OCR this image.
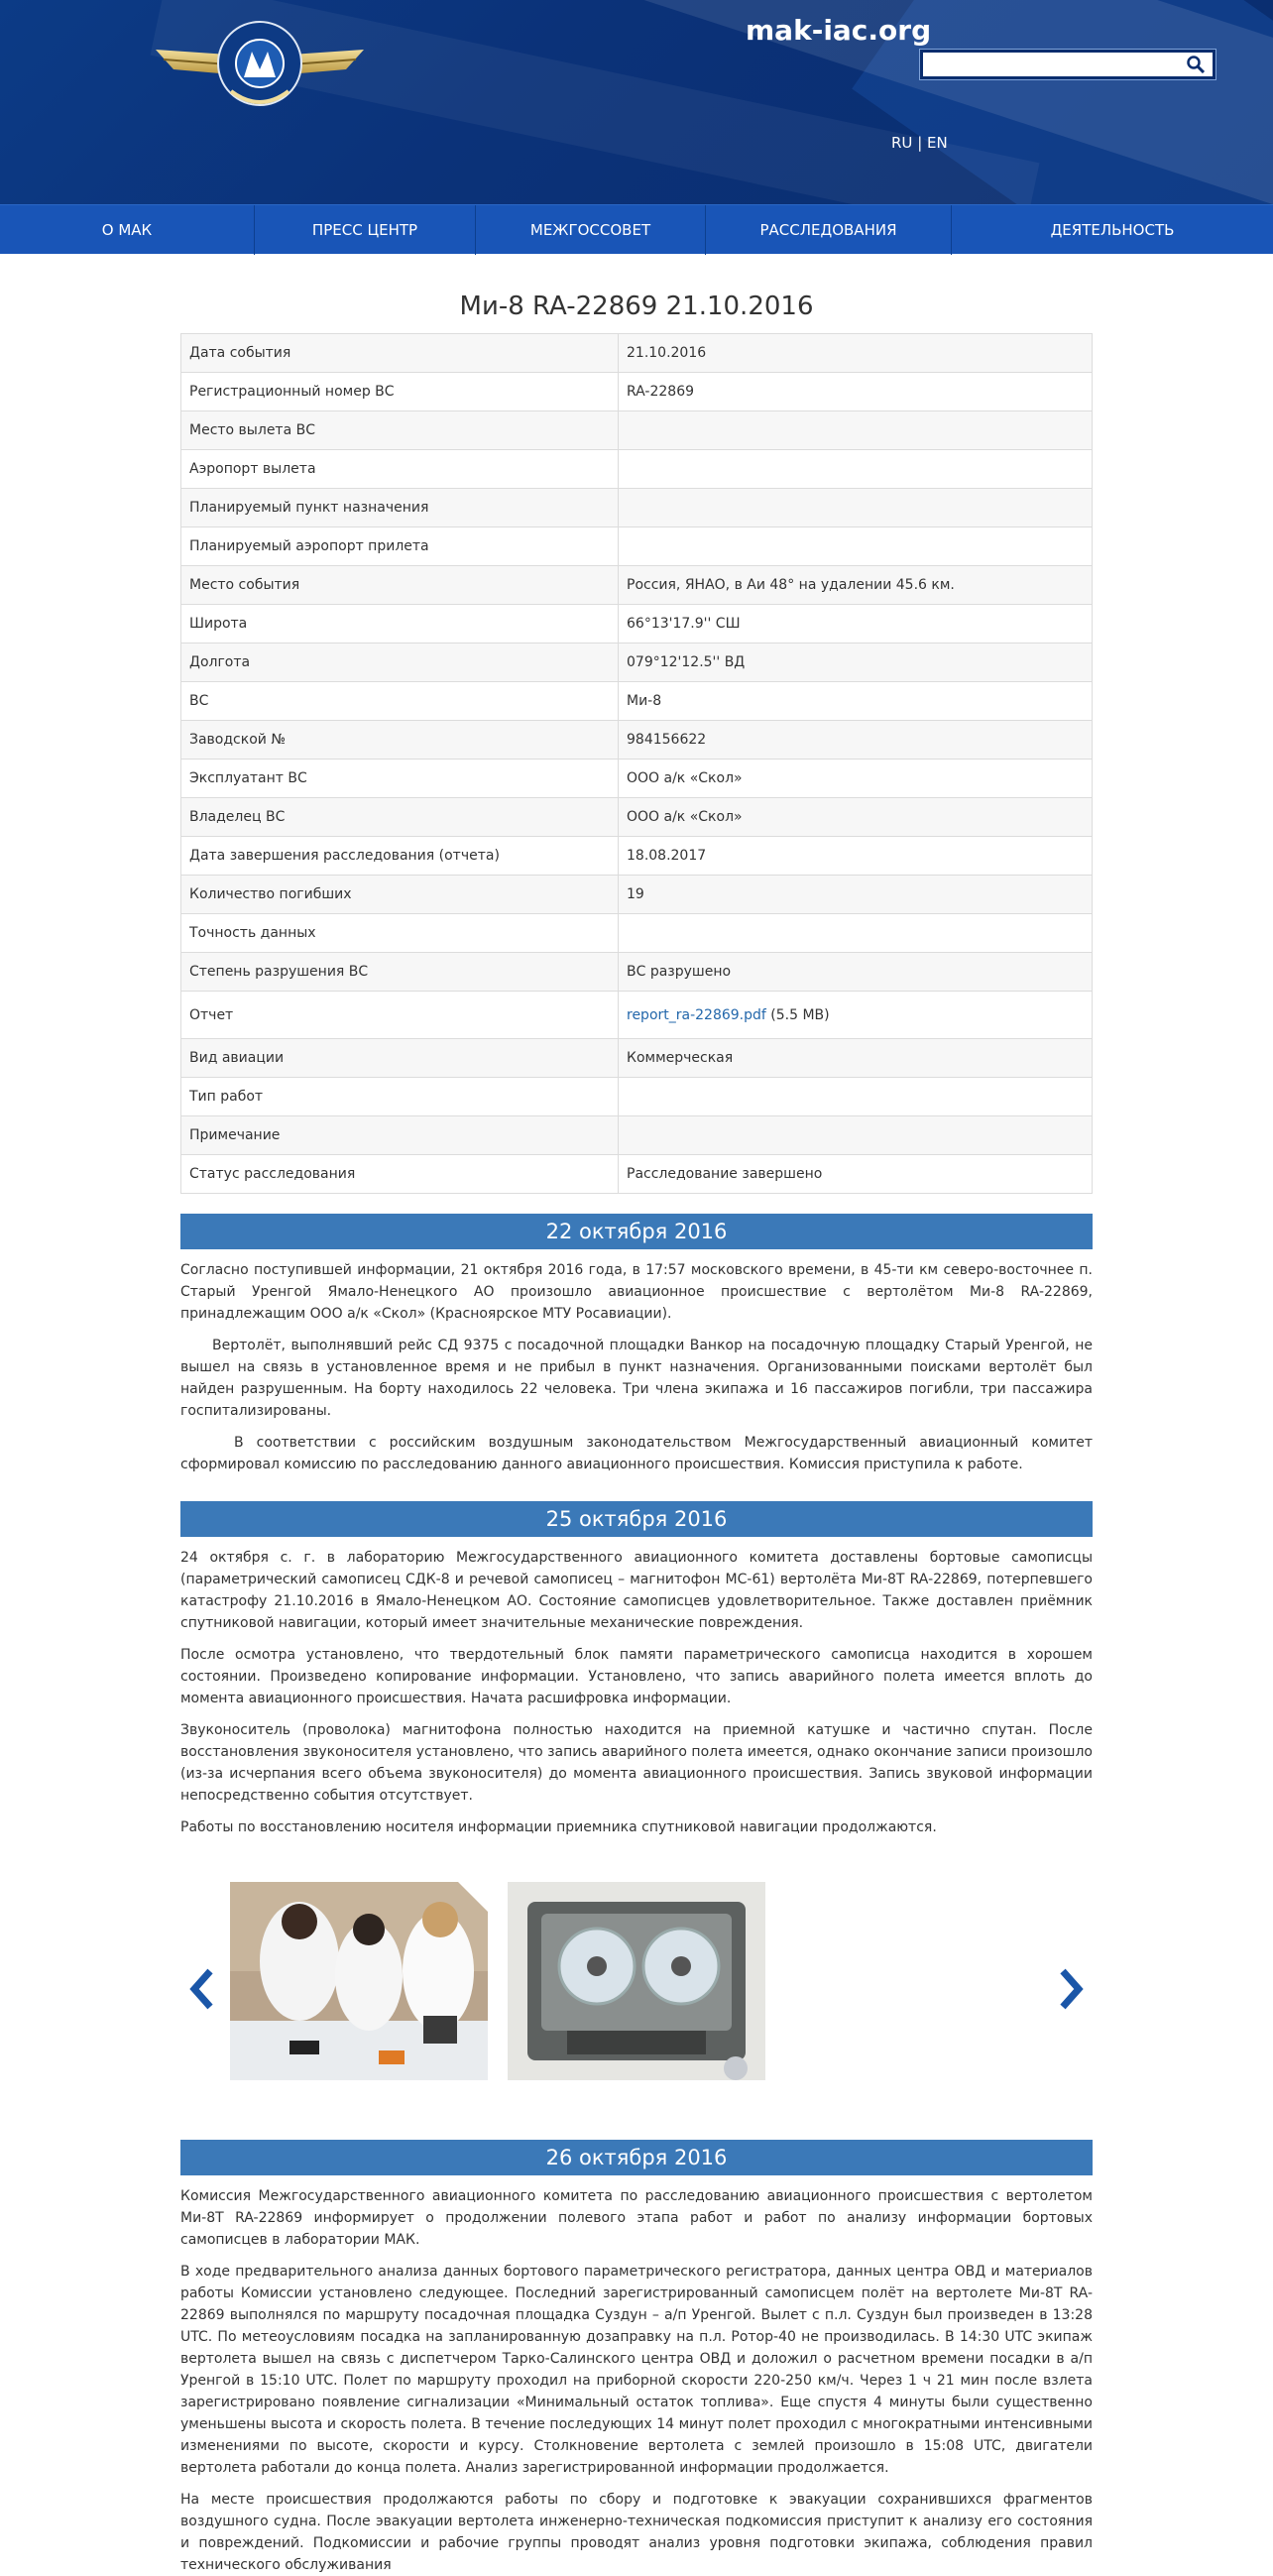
mak-iac.org
RU | EN
О МАК	ПРЕСС ЦЕНТР	МЕЖГОССОВЕТ	РАССЛЕДОВАНИЯ	ДЕЯТЕЛЬНОСТЬ
Ми-8 RA-22869 21.10.2016
Дата события	21.10.2016
Регистрационный номер ВС	RA-22869
Место вылета ВС	
Аэропорт вылета	
Планируемый пункт назначения	
Планируемый аэропорт прилета	
Место события	Россия, ЯНАО, в Аи 48° на удалении 45.6 км.
Широта	66°13'17.9'' СШ
Долгота	079°12'12.5'' ВД
ВС	Ми-8
Заводской №	984156622
Эксплуатант ВС	ООО а/к «Скол»
Владелец ВС	ООО а/к «Скол»
Дата завершения расследования (отчета)	18.08.2017
Количество погибших	19
Точность данных	
Степень разрушения ВС	ВС разрушено
Отчет	report_ra-22869.pdf (5.5 MB)
Вид авиации	Коммерческая
Тип работ	
Примечание	
Статус расследования	Расследование завершено
22 октября 2016

Согласно поступившей информации, 21 октября 2016 года, в 17:57 московского времени, в 45-ти км северо-восточнее п. Старый Уренгой Ямало-Ненецкого АО произошло авиационное происшествие с вертолётом Ми-8 RA-22869, принадлежащим ООО а/к «Скол» (Красноярское МТУ Росавиации).

Вертолёт, выполнявший рейс СД 9375 с посадочной площадки Ванкор на посадочную площадку Старый Уренгой, не вышел на связь в установленное время и не прибыл в пункт назначения. Организованными поисками вертолёт был найден разрушенным. На борту находилось 22 человека. Три члена экипажа и 16 пассажиров погибли, три пассажира госпитализированы.

В соответствии с российским воздушным законодательством Межгосударственный авиационный комитет сформировал комиссию по расследованию данного авиационного происшествия. Комиссия приступила к работе.

25 октября 2016

24 октября с. г. в лабораторию Межгосударственного авиационного комитета доставлены бортовые самописцы (параметрический самописец СДК-8 и речевой самописец – магнитофон МС-61) вертолёта Ми-8Т RA-22869, потерпевшего катастрофу 21.10.2016 в Ямало-Ненецком АО. Состояние самописцев удовлетворительное. Также доставлен приёмник спутниковой навигации, который имеет значительные механические повреждения.

После осмотра установлено, что твердотельный блок памяти параметрического самописца находится в хорошем состоянии. Произведено копирование информации. Установлено, что запись аварийного полета имеется вплоть до момента авиационного происшествия. Начата расшифровка информации.

Звуконоситель (проволока) магнитофона полностью находится на приемной катушке и частично спутан. После восстановления звуконосителя установлено, что запись аварийного полета имеется, однако окончание записи произошло (из-за исчерпания всего объема звуконосителя) до момента авиационного происшествия. Запись звуковой информации непосредственно события отсутствует.

Работы по восстановлению носителя информации приемника спутниковой навигации продолжаются.

26 октября 2016

Комиссия Межгосударственного авиационного комитета по расследованию авиационного происшествия с вертолетом Ми-8Т RA-22869 информирует о продолжении полевого этапа работ и работ по анализу информации бортовых самописцев в лаборатории МАК.

В ходе предварительного анализа данных бортового параметрического регистратора, данных центра ОВД и материалов работы Комиссии установлено следующее. Последний зарегистрированный самописцем полёт на вертолете Ми-8Т RA-22869 выполнялся по маршруту посадочная площадка Суздун – а/п Уренгой. Вылет с п.л. Суздун был произведен в 13:28 UTC. По метеоусловиям посадка на запланированную дозаправку на п.л. Ротор-40 не производилась. В 14:30 UTC экипаж вертолета вышел на связь с диспетчером Тарко-Салинского центра ОВД и доложил о расчетном времени посадки в а/п Уренгой в 15:10 UTC. Полет по маршруту проходил на приборной скорости 220-250 км/ч. Через 1 ч 21 мин после взлета зарегистрировано появление сигнализации «Минимальный остаток топлива». Еще спустя 4 минуты были существенно уменьшены высота и скорость полета. В течение последующих 14 минут полет проходил с многократными интенсивными изменениями по высоте, скорости и курсу. Столкновение вертолета с землей произошло в 15:08 UTC, двигатели вертолета работали до конца полета. Анализ зарегистрированной информации продолжается.

На месте происшествия продолжаются работы по сбору и подготовке к эвакуации сохранившихся фрагментов воздушного судна. После эвакуации вертолета инженерно-техническая подкомиссия приступит к анализу его состояния и повреждений. Подкомиссии и рабочие группы проводят анализ уровня подготовки экипажа, соблюдения правил технического обслуживания
